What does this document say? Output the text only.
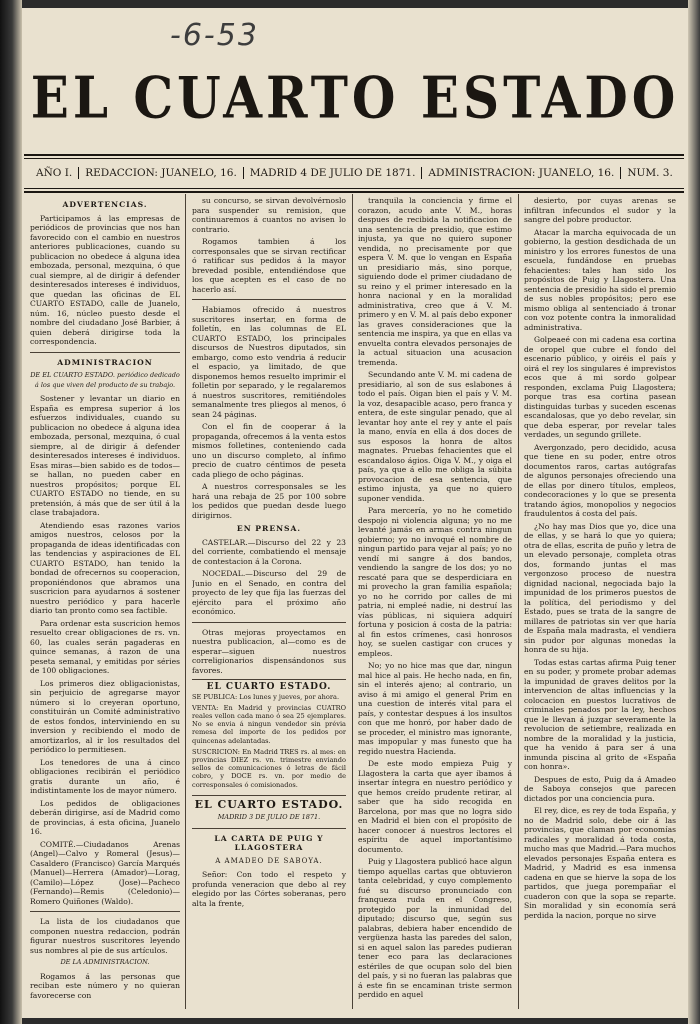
-6-53
EL CUARTO ESTADO
AÑO I.	REDACCION: JUANELO, 16.	MADRID 4 DE JULIO DE 1871.	ADMINISTRACION: JUANELO, 16.	NUM. 3.
ADVERTENCIAS.

Participamos á las empresas de periódicos de provincias que nos han favorecido con el cambio en nuestros anteriores publicaciones, cuando su publicacion no obedece á alguna idea embozada, personal, mezquina, ó que cual siempre, al de dirigir á defender desinteresados intereses é individuos, que quedan las oficinas de EL CUARTO ESTADO, calle de Juanelo, núm. 16, núcleo puesto desde el nombre del ciudadano José Barbier, á quien deberá dirigirse toda la correspondencia.

ADMINISTRACION
DE EL CUARTO ESTADO. periódico dedicado á los que viven del producto de su trabajo.

Sostener y levantar un diario en España es empresa superior á los esfuerzos individuales, cuando su publicacion no obedece á alguna idea embozada, personal, mezquina, ó cual siempre, al de dirigir á defender desinteresados intereses é individuos. Esas miras—bien sabido es de todos—se hallan, no pueden caber en nuestros propósitos; porque EL CUARTO ESTADO no tiende, en su pretensión, á más que de ser útil á la clase trabajadora.

Atendiendo esas razones varios amigos nuestros, celosos por la propaganda de ideas identificadas con las tendencias y aspiraciones de EL CUARTO ESTADO, han tenido la bondad de ofrecernos su cooperacion, proponiéndonos que abramos una suscricion para ayudarnos á sostener nuestro periódico y para hacerle diario tan pronto como sea factible.

Para ordenar esta suscricion hemos resuelto crear obligaciones de rs. vn. 60, las cuales serán pagaderas en quince semanas, á razon de una peseta semanal, y emitidas por séries de 100 obligaciones.

Los primeros diez obligacionistas, sin perjuicio de agregarse mayor número si lo creyeran oportuno, constituirán un Comité administrativo de estos fondos, interviniendo en su inversion y recibiendo el modo de amortizarlos, al ir los resultados del periódico lo permitiesen.

Los tenedores de una á cinco obligaciones recibirán el periódico gratis durante un año, é indistintamente los de mayor número.

Los pedidos de obligaciones deberán dirigirse, así de Madrid como de provincias, á esta oficina, Juanelo 16.

COMITÉ.—Ciudadanos Arenas (Angel)—Calvo y Romeral (Jesus)—Casaldero (Francisco) García Marqués (Manuel)—Herrera (Amador)—Lorag, (Camilo)—López (Jose)—Pacheco (Fernando)—Remis (Celedonio)—Romero Quiñones (Waldo).

La lista de los ciudadanos que componen nuestra redaccion, podrán figurar nuestros suscritores leyendo sus nombres al pie de sus artículos.

DE LA ADMINISTRACION.

Rogamos á las personas que reciban este número y no quieran favorecerse con

su concurso, se sirvan devolvérnoslo para suspender su remision, que continuaremos á cuantos no avisen lo contrario.

Rogamos tambien á los corresponsales que se sirvan rectificar ó ratificar sus pedidos á la mayor brevedad posible, entendiéndose que los que acepten es el caso de no hacerlo así.

Habiamos ofrecido á nuestros suscritores insertar, en forma de folletín, en las columnas de EL CUARTO ESTADO, los principales discursos de Nuestros diputados, sin embargo, como esto vendria á reducir el espacio, ya limitado, de que disponemos hemos resuelto imprimir el folletin por separado, y le regalaremos á nuestros suscritores, remitiéndoles semanalmente tres pliegos al menos, ó sean 24 páginas.

Con el fin de cooperar á la propaganda, ofrecemos á la venta estos mismos folletines, conteniendo cada uno un discurso completo, al ínfimo precio de cuatro céntimos de peseta cada pliego de ocho páginas.

A nuestros corresponsales se les hará una rebaja de 25 por 100 sobre los pedidos que puedan desde luego dirigirnos.

EN PRENSA.

CASTELAR.—Discurso del 22 y 23 del corriente, combatiendo el mensaje de contestacion á la Corona.

NOCEDAL.—Discurso del 29 de Junio en el Senado, en contra del proyecto de ley que fija las fuerzas del ejército para el próximo año económico.

Otras mejoras proyectamos en nuestra publicacion, al—como es de esperar—siguen nuestros correligionarios dispensándonos sus favores.

EL CUARTO ESTADO.

SE PUBLICA: Los lunes y jueves, por ahora.

VENTA: En Madrid y provincias CUATRO reales vellon cada mano ó sea 25 ejemplares. No se envia á ningun vendedor sin prévia remesa del importe de los pedidos por quincenas adelantadas.

SUSCRICION: En Madrid TRES rs. al mes: en provincias DIEZ rs. vn. trimestre enviando sellos de comunicaciones ó letras de fácil cobro, y DOCE rs. vn. por medio de corresponsales ó comisionados.

EL CUARTO ESTADO.
MADRID 3 DE JULIO DE 1871.
LA CARTA DE PUIG Y LLAGOSTERA
A AMADEO DE SABOYA.

Señor: Con todo el respeto y profunda veneracion que debo al rey elegido por las Córtes soberanas, pero alta la frente,

tranquila la conciencia y firme el corazon, acudo ante V. M., horas despues de recibida la notificacion de una sentencia de presidio, que estimo injusta, ya que no quiero suponer vendida, no precisamente por que espera V. M. que lo vengan en España un presidiario más, sino porque, siguiendo dode el primer ciudadano de su reino y el primer interesado en la honra nacional y en la moralidad administrativa, creo que á V. M. primero y en V. M. al país debo exponer las graves consideraciones que la sentencia me inspira, ya que en ellas va envuelta contra elevados personajes de la actual situacion una acusacion tremenda.

Secundando ante V. M. mi cadena de presidiario, al son de sus eslabones á todo el país. Oigan bien el país y V. M. la voz, desapacible acaso, pero franca y entera, de este singular penado, que al levantar hoy ante el rey y ante el país la mano, envía en ella á dos doces de sus esposos la honra de altos magnates. Pruebas fehacientes que el escandaloso ágios. Oiga V. M., y oiga el país, ya que á ello me obliga la súbita provocacion de esa sentencia, que estimo injusta, ya que no quiero suponer vendida.

Para mercería, yo no he cometido despojo ni violencia alguna; yo no me levanté jamás en armas contra ningun gobierno; yo no invoqué el nombre de ningun partido para vejar al país; yo no vendí mi sangre á dos bandos, vendiendo la sangre de los dos; yo no rescaté para que se desperdiciara en mi provecho la gran familia española; yo no he corrido por calles de mi patria, ni empleé nadie, ni destruí las vías públicas, ni siquiera adquirí fortuna y posicion á costa de la patria: al fin estos crímenes, casi honrosos hoy, se suelen castigar con cruces y empleos.

No; yo no hice mas que dar, ningun mal hice al pais. He hecho nada, en fin, sin el interés ajeno; al contrario, un aviso á mi amigo el general Prim en una cuestion de interés vital para el país, y contestar despues á los insultos con que me honró, por haber dado de se proceder, el ministro mas ignorante, mas impopular y mas funesto que ha regido nuestra Hacienda.

De este modo empieza Puig y Llagostera la carta que ayer íbamos á insertar íntegra en nuestro periódico y que hemos creído prudente retirar, al saber que ha sido recogida en Barcelona, por mas que no logra sido en Madrid el bien con el propósito de hacer conocer á nuestros lectores el espíritu de aquel importantísimo documento.

Puig y Llagostera publicó hace algun tiempo aquellas cartas que obtuvieron tanta celebridad, y cuyo complemento fué su discurso pronunciado con franqueza ruda en el Congreso, protegido por la inmunidad del diputado; discurso que, según sus palabras, debiera haber encendido de vergüenza hasta las paredes del salon, si en aquel salon las paredes pudieran tener eco para las declaraciones estériles de que ocupan solo del bien del país, y si no fueran las palabras que á este fin se encaminan triste sermon perdido en aquel

desierto, por cuyas arenas se infiltran infecundos el sudor y la sangre del pobre productor.

Atacar la marcha equivocada de un gobierno, la gestion desdichada de un ministro y los errores funestos de una escuela, fundándose en pruebas fehacientes: tales han sido los propósitos de Puig y Llagostera. Una sentencia de presidio ha sido el premio de sus nobles propósitos; pero ese mismo obliga al sentenciado á tronar con voz potente contra la inmoralidad administrativa.

Golpeaeé con mi cadena esa cortina de oropel que cubre el fondo del escenario público, y oiréis el país y oirá el rey los singulares é imprevistos ecos que á mi sordo golpear responden, exclama Puig Llagostera; porque tras esa cortina pasean distinguidas turbas y suceden escenas escandalosas, que yo debo revelar, sin que deba esperar, por revelar tales verdades, un segundo grillete.

Avergonzado, pero decidido, acusa que tiene en su poder, entre otros documentos raros, cartas autógrafas de algunos personajes ofreciendo una de ellas por dinero títulos, empleos, condecoraciones y lo que se presenta tratando ágios, monopolios y negocios fraudulentos á costa del país.

¿No hay mas Dios que yo, dice una de ellas, y se hará lo que yo quiera; otra de ellas, escrita de puño y letra de un elevado personaje, completa otras dos, formando juntas el mas vergonzoso proceso de nuestra dignidad nacional, negociada bajo la impunidad de los primeros puestos de la política, del periodismo y del Estado, pues se trata de la sangre de millares de patriotas sin ver que haría de España mala madrasta, el vendiera sin pudor por algunas monedas la honra de su hija.

Todas estas cartas afirma Puig tener en su poder, y promete probar ademas la impunidad de graves delitos por la intervencion de altas influencias y la colocacion en puestos lucrativos de criminales penados por la ley, hechos que le llevan á juzgar severamente la revolucion de setiembre, realizada en nombre de la moralidad y la justicia, que ha venido á para ser á una inmunda piscina al grito de «España con honra».

Despues de esto, Puig da á Amadeo de Saboya consejos que parecen dictados por una conciencia pura.

El rey, dice, es rey de toda España, y no de Madrid solo, debe oir á las provincias, que claman por economías radicales y moralidad á toda costa, mucho mas que Madrid.—Para muchos elevados personajes España entera es Madrid, y Madrid es esa inmensa cadena en que se hierve la sopa de los partidos, que juega porempañar el cuaderon con que la sopa se reparte. Sin moralidad y sin economía será perdida la nacion, porque no sirve
